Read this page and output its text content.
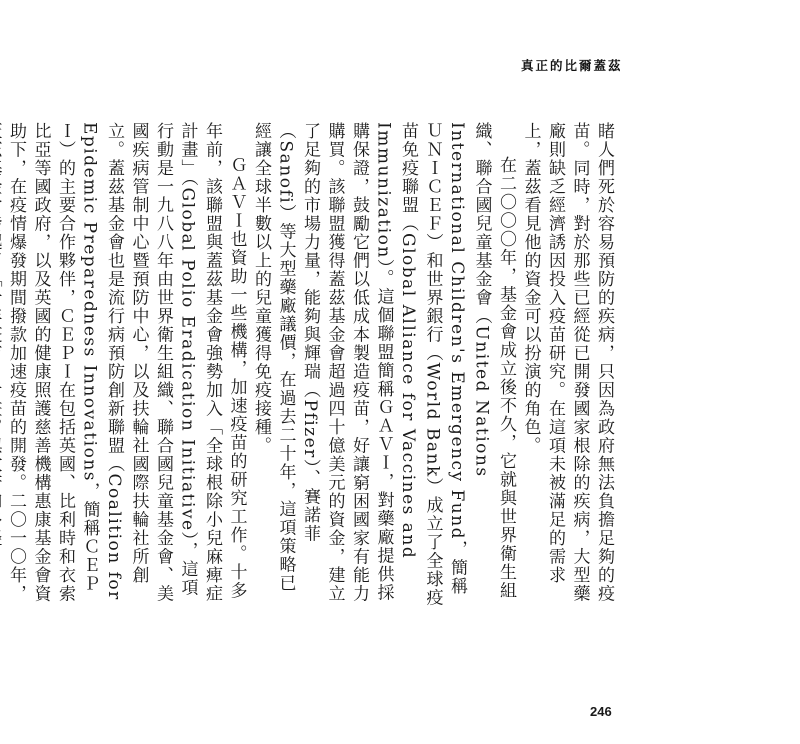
真正的比爾蓋茲

睹人們死於容易預防的疾病，只因為政府無法負擔足夠的疫苗。同時，對於那些已經從已開發國家根除的疾病，大型藥廠則缺乏經濟誘因投入疫苗研究。在這項未被滿足的需求上，蓋茲看見他的資金可以扮演的角色。

在二〇〇〇年，基金會成立後不久，它就與世界衛生組織、聯合國兒童基金會（United Nations International Children's Emergency Fund，簡稱ＵＮＩＣＥＦ）和世界銀行（World Bank）成立了全球疫苗免疫聯盟（Global Alliance for Vaccines and Immunization）。這個聯盟簡稱ＧＡＶＩ，對藥廠提供採購保證，鼓勵它們以低成本製造疫苗，好讓窮困國家有能力購買。該聯盟獲得蓋茲基金會超過四十億美元的資金，建立了足夠的市場力量，能夠與輝瑞（Pfizer）、賽諾菲（Sanofi）等大型藥廠議價，在過去二十年，這項策略已經讓全球半數以上的兒童獲得免疫接種。

ＧＡＶＩ也資助一些機構，加速疫苗的研究工作。十多年前，該聯盟與蓋茲基金會強勢加入「全球根除小兒麻痺症計畫」（Global Polio Eradication Initiative），這項行動是一九八八年由世界衛生組織、聯合國兒童基金會、美國疾病管制中心暨預防中心，以及扶輪社國際扶輪社所創立。蓋茲基金會也是流行病預防創新聯盟（Coalition for Epidemic Preparedness Innovations，簡稱ＣＥＰＩ）的主要合作夥伴，ＣＥＰＩ在包括英國、比利時和衣索比亞等國政府，以及英國的健康照護慈善機構惠康基金會資助下，在疫情爆發期間撥款加速疫苗的開發。二〇一〇年，

246
